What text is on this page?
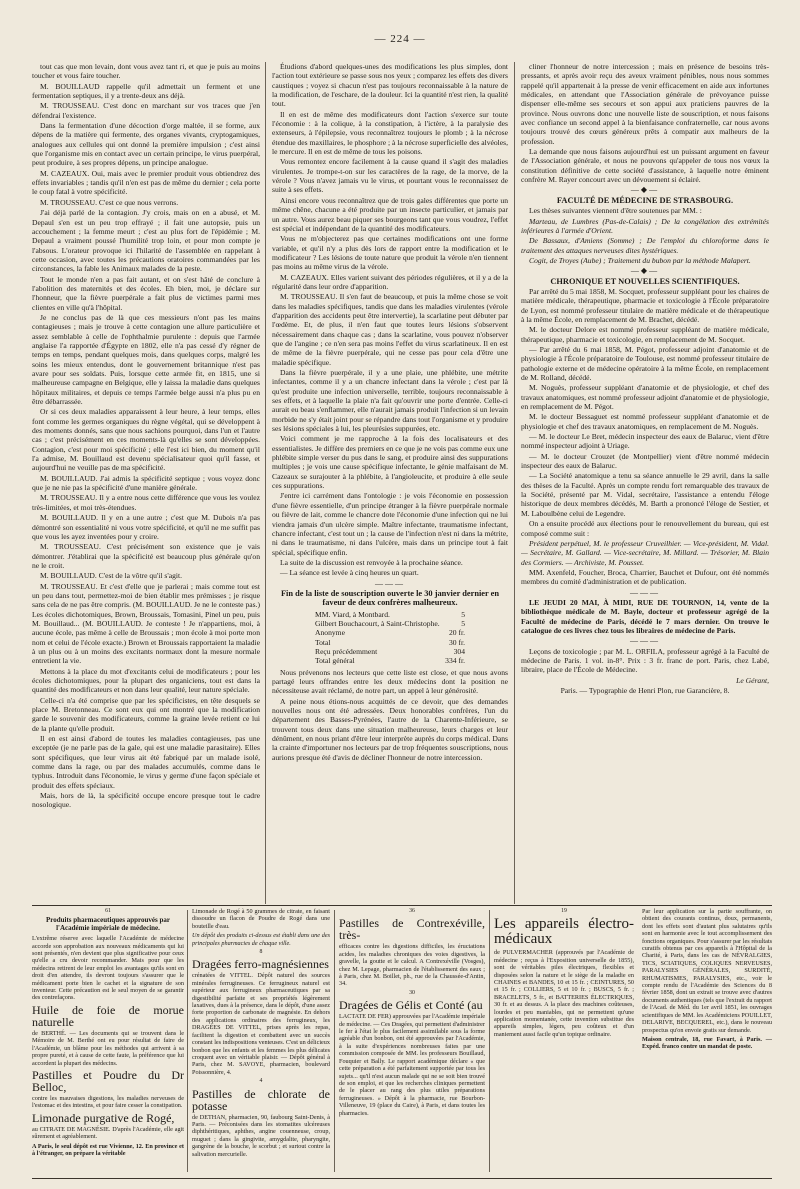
— 224 —

tout cas que mon levain, dont vous avez tant ri, et que je puis au moins toucher et vous faire toucher.

M. BOUILLAUD rappelle qu'il admettait un ferment et une fermentation septiques, il y a trente-deux ans déjà.

M. TROUSSEAU. C'est donc en marchant sur vos traces que j'en défendrai l'existence.

Dans la fermentation d'une décoction d'orge maltée, il se forme, aux dépens de la matière qui fermente, des organes vivants, cryptogamiques, analogues aux cellules qui ont donné la première impulsion ; c'est ainsi que l'organisme mis en contact avec un certain principe, le virus puerpéral, peut produire, à ses propres dépens, un principe analogue.

M. CAZEAUX. Oui, mais avec le premier produit vous obtiendrez des effets invariables ; tandis qu'il n'en est pas de même du dernier ; cela porte le coup fatal à votre spécificité.

M. TROUSSEAU. C'est ce que nous verrons.

J'ai déjà parlé de la contagion. J'y crois, mais on en a abusé, et M. Depaul s'en est un peu trop effrayé ; il fait une autopsie, puis un accouchement ; la femme meurt ; c'est au plus fort de l'épidémie ; M. Depaul a vraiment poussé l'humilité trop loin, et pour mon compte je l'absous. L'orateur provoque ici l'hilarité de l'assemblée en rappelant à cette occasion, avec toutes les précautions oratoires commandées par les circonstances, la fable les Animaux malades de la peste.

Tout le monde n'en a pas fait autant, et on s'est hâté de conclure à l'abolition des maternités et des écoles. Eh bien, moi, je déclare sur l'honneur, que la fièvre puerpérale a fait plus de victimes parmi mes clientes en ville qu'à l'hôpital.

Je ne conclus pas de là que ces messieurs n'ont pas les mains contagieuses ; mais je trouve à cette contagion une allure particulière et assez semblable à celle de l'ophthalmie purulente : depuis que l'armée anglaise l'a rapportée d'Égypte en 1802, elle n'a pas cessé d'y régner de temps en temps, pendant quelques mois, dans quelques corps, malgré les soins les mieux entendus, dont le gouvernement britannique n'est pas avare pour ses soldats. Puis, lorsque cette armée fit, en 1815, une si malheureuse campagne en Belgique, elle y laissa la maladie dans quelques hôpitaux militaires, et depuis ce temps l'armée belge aussi n'a plus pu en être débarrassée.

Or si ces deux maladies apparaissent à leur heure, à leur temps, elles font comme les germes organiques du règne végétal, qui se développent à des moments donnés, sans que nous sachions pourquoi, dans l'un et l'autre cas ; c'est précisément en ces moments-là qu'elles se sont développées. Contagion, c'est pour moi spécificité ; elle l'est ici bien, du moment qu'il l'a admise, M. Bouillaud est devenu spécialisateur quoi qu'il fasse, et aujourd'hui ne veuille pas de ma spécificité.

M. BOUILLAUD. J'ai admis la spécificité septique ; vous voyez donc que je ne nie pas la spécificité d'une manière générale.

M. TROUSSEAU. Il y a entre nous cette différence que vous les voulez très-limitées, et moi très-étendues.

M. BOUILLAUD. Il y en a une autre ; c'est que M. Dubois n'a pas démontré son essentialité ni vous votre spécificité, et qu'il ne me suffit pas que vous les ayez inventées pour y croire.

M. TROUSSEAU. C'est précisément son existence que je vais démontrer. J'établirai que la spécificité est beaucoup plus générale qu'on ne le croit.

M. BOUILLAUD. C'est de la vôtre qu'il s'agit.

M. TROUSSEAU. Et c'est d'elle que je parlerai ; mais comme tout est un peu dans tout, permettez-moi de bien établir mes prémisses ; je risque sans cela de ne pas être compris. (M. BOUILLAUD. Je ne le conteste pas.) Les écoles dichotomiques, Brown, Broussais, Tomasini, Pinel un peu, puis M. Bouillaud... (M. BOUILLAUD. Je conteste ! Je n'appartiens, moi, à aucune école, pas même à celle de Broussais ; mon école à moi porte mon nom et celui de l'école exacte.) Brown et Broussais rapportaient la maladie à un plus ou à un moins des excitants normaux dont la mesure normale entretient la vie.

Mettons à la place du mot d'excitants celui de modificateurs ; pour les écoles dichotomiques, pour la plupart des organiciens, tout est dans la quantité des modificateurs et non dans leur qualité, leur nature spéciale.

Celle-ci n'a été comprise que par les spécificistes, en tête desquels se place M. Bretonneau. Ce sont eux qui ont montré que la modification garde le souvenir des modificateurs, comme la graine levée retient ce lui de la plante qu'elle produit.

Il en est ainsi d'abord de toutes les maladies contagieuses, pas une exceptée (je ne parle pas de la gale, qui est une maladie parasitaire). Elles sont spécifiques, que leur virus ait été fabriqué par un malade isolé, comme dans la rage, ou par des malades accumulés, comme dans le typhus. Introduit dans l'économie, le virus y germe d'une façon spéciale et produit des effets spéciaux.

Mais, hors de là, la spécificité occupe encore presque tout le cadre nosologique.

Étudions d'abord quelques-unes des modifications les plus simples, dont l'action tout extérieure se passe sous nos yeux ; comparez les effets des divers caustiques ; voyez si chacun n'est pas toujours reconnaissable à la nature de la modification, de l'eschare, de la douleur. Ici la quantité n'est rien, la qualité tout.

Il en est de même des modificateurs dont l'action s'exerce sur toute l'économie : à la colique, à la constipation, à l'ictère, à la paralysie des extenseurs, à l'épilepsie, vous reconnaîtrez toujours le plomb ; à la nécrose étendue des maxillaires, le phosphore ; à la nécrose superficielle des alvéoles, le mercure. Il en est de même de tous les poisons.

Vous remontez encore facilement à la cause quand il s'agit des maladies virulentes. Je trompe-t-on sur les caractères de la rage, de la morve, de la vérole ? Vous n'avez jamais vu le virus, et pourtant vous le reconnaissez de suite à ses effets.

Ainsi encore vous reconnaîtrez que de trois gales différentes que porte un même chêne, chacune a été produite par un insecte particulier, et jamais par un autre. Vous aurez beau piquer ses bourgeons tant que vous voudrez, l'effet est spécial et indépendant de la quantité des modificateurs.

Vous ne m'objecterez pas que certaines modifications ont une forme variable, et qu'il n'y a plus dès lors de rapport entre la modification et le modificateur ? Les lésions de toute nature que produit la vérole n'en tiennent pas moins au même virus de la vérole.

M. CAZEAUX. Elles varient suivant des périodes régulières, et il y a de la régularité dans leur ordre d'apparition.

M. TROUSSEAU. Il s'en faut de beaucoup, et puis la même chose se voit dans les maladies spécifiques, tandis que dans les maladies virulentes (vérole d'apparition des accidents peut être intervertie), la scarlatine peut débuter par l'œdème. Et, de plus, il n'en faut que toutes leurs lésions s'observent nécessairement dans chaque cas ; dans la scarlatine, vous pouvez n'observer que de l'angine ; ce n'en sera pas moins l'effet du virus scarlatineux. Il en est de même de la fièvre puerpérale, qui ne cesse pas pour cela d'être une maladie spécifique.

Dans la fièvre puerpérale, il y a une plaie, une phlébite, une métrite infectantes, comme il y a un chancre infectant dans la vérole ; c'est par là qu'est produite une infection universelle, terrible, toujours reconnaissable à ses effets, et à laquelle la plaie n'a fait qu'ouvrir une porte d'entrée. Celle-ci aurait eu beau s'enflammer, elle n'aurait jamais produit l'infection si un levain morbide ne s'y était joint pour se répandre dans tout l'organisme et y produire ses lésions spéciales à lui, les pleurésies suppurées, etc.

Voici comment je me rapproche à la fois des localisateurs et des essentialistes. Je diffère des premiers en ce que je ne vois pas comme eux une phlébite simple verser du pus dans le sang, et produire ainsi des suppurations multiples ; je vois une cause spécifique infectante, le génie malfaisant de M. Cazeaux se surajouter à la phlébite, à l'angioleucite, et produire à elle seule ces suppurations.

J'entre ici carrément dans l'ontologie : je vois l'économie en possession d'une fièvre essentielle, d'un principe étranger à la fièvre puerpérale normale ou fièvre de lait, comme le chancre dote l'économie d'une infection qui ne lui viendra jamais d'un ulcère simple. Maître infectante, traumatisme infectant, chancre infectant, c'est tout un ; la cause de l'infection n'est ni dans la métrite, ni dans le traumatisme, ni dans l'ulcère, mais dans un principe tout à fait spécial, spécifique enfin.

La suite de la discussion est renvoyée à la prochaine séance.

— La séance est levée à cinq heures un quart.

———

Fin de la liste de souscription ouverte le 30 janvier dernier en faveur de deux confrères malheureux.

MM. Viard, à Montbard.	5
Gilbert Bouchacourt, à Saint-Christophe.	5
Anonyme	20 fr.
Total	30 fr.
Reçu précédemment	304
Total général	334 fr.

Nous prévenons nos lecteurs que cette liste est close, et que nous avons partagé leurs offrandes entre les deux médecins dont la position ne nécessiteuse avait réclamé, de notre part, un appel à leur générosité.

A peine nous étions-nous acquittés de ce devoir, que des demandes nouvelles nous ont été adressées. Deux honorables confrères, l'un du département des Basses-Pyrénées, l'autre de la Charente-Inférieure, se trouvent tous deux dans une situation malheureuse, leurs charges et leur dénûment, en nous priant d'être leur interprète auprès du corps médical. Dans la crainte d'importuner nos lecteurs par de trop fréquentes souscriptions, nous aurions presque été d'avis de décliner l'honneur de notre intercession.

cliner l'honneur de notre intercession ; mais en présence de besoins très-pressants, et après avoir reçu des aveux vraiment pénibles, nous nous sommes rappelé qu'il appartenait à la presse de venir efficacement en aide aux infortunes médicales, en attendant que l'Association générale de prévoyance puisse dispenser elle-même ses secours et son appui aux praticiens pauvres de la province. Nous ouvrons donc une nouvelle liste de souscription, et nous faisons avec confiance un second appel à la bienfaisance confraternelle, car nous avons toujours trouvé des cœurs généreux prêts à compatir aux malheurs de la profession.

La demande que nous faisons aujourd'hui est un puissant argument en faveur de l'Association générale, et nous ne pouvons qu'appeler de tous nos vœux la constitution définitive de cette société d'assistance, à laquelle notre éminent confrère M. Rayer concourt avec un dévouement si éclairé.

—◆—

FACULTÉ DE MÉDECINE DE STRASBOURG.

Les thèses suivantes viennent d'être soutenues par MM. :

Marteau, de Lumbres (Pas-de-Calais) ; De la congélation des extrémités inférieures à l'armée d'Orient.

De Bassaux, d'Amiens (Somme) ; De l'emploi du chloroforme dans le traitement des attaques nerveuses dites hystériques.

Cogit, de Troyes (Aube) ; Traitement du bubon par la méthode Malapert.

—◆—

CHRONIQUE ET NOUVELLES SCIENTIFIQUES.

Par arrêté du 5 mai 1858, M. Socquet, professeur suppléant pour les chaires de matière médicale, thérapeutique, pharmacie et toxicologie à l'École préparatoire de Lyon, est nommé professeur titulaire de matière médicale et de thérapeutique à la même École, en remplacement de M. Brachet, décédé.

M. le docteur Delore est nommé professeur suppléant de matière médicale, thérapeutique, pharmacie et toxicologie, en remplacement de M. Socquet.

— Par arrêté du 6 mai 1858, M. Pégot, professeur adjoint d'anatomie et de physiologie à l'École préparatoire de Toulouse, est nommé professeur titulaire de pathologie externe et de médecine opératoire à la même École, en remplacement de M. Rolland, décédé.

M. Noguès, professeur suppléant d'anatomie et de physiologie, et chef des travaux anatomiques, est nommé professeur adjoint d'anatomie et de physiologie, en remplacement de M. Pégot.

M. le docteur Bessaguet est nommé professeur suppléant d'anatomie et de physiologie et chef des travaux anatomiques, en remplacement de M. Noguès.

— M. le docteur Le Bret, médecin inspecteur des eaux de Balaruc, vient d'être nommé inspecteur adjoint à Uriage.

— M. le docteur Crouzet (de Montpellier) vient d'être nommé médecin inspecteur des eaux de Balaruc.

— La Société anatomique a tenu sa séance annuelle le 29 avril, dans la salle des thèses de la Faculté. Après un compte rendu fort remarquable des travaux de la Société, présenté par M. Vidal, secrétaire, l'assistance a entendu l'éloge historique de deux membres décédés, M. Barth a prononcé l'éloge de Sestier, et M. Laboulbène celui de Legendre.

On a ensuite procédé aux élections pour le renouvellement du bureau, qui est composé comme suit :

Président perpétuel, M. le professeur Cruveilhier. — Vice-président, M. Vidal. — Secrétaire, M. Gallard. — Vice-secrétaire, M. Millard. — Trésorier, M. Blain des Cormiers. — Archiviste, M. Pousset.

MM. Axenfeld, Foucher, Broca, Charrier, Bauchet et Dufour, ont été nommés membres du comité d'administration et de publication.

———

LE JEUDI 20 MAI, À MIDI, RUE DE TOURNON, 14, vente de la bibliothèque médicale de M. Bayle, docteur et professeur agrégé de la Faculté de médecine de Paris, décédé le 7 mars dernier. On trouve le catalogue de ces livres chez tous les libraires de médecine de Paris.

———

Leçons de toxicologie ; par M. L. ORFILA, professeur agrégé à la Faculté de médecine de Paris. 1 vol. in-8°. Prix : 3 fr. franc de port. Paris, chez Labé, libraire, place de l'École de Médecine.

Le Gérant,

Paris. — Typographie de Henri Plon, rue Garancière, 8.

61
Produits pharmaceutiques approuvés par l'Académie impériale de médecine.

L'extrême réserve avec laquelle l'Académie de médecine accorde son approbation aux nouveaux médicaments qui lui sont présentés, n'en devient que plus significative pour ceux qu'elle a cru devoir recommander. Mais pour que les médecins retirent de leur emploi les avantages qu'ils sont en droit d'en attendre, ils devront toujours s'assurer que le médicament porte bien le cachet et la signature de son inventeur. Cette précaution est le seul moyen de se garantir des contrefaçons.

Huile de foie de morue naturelle

de BERTHÉ. — Les documents qui se trouvent dans le Mémoire de M. Berthé ont eu pour résultat de faire de l'Académie, un blâme pour les méthodes qui arrivent à sa propre pureté, et à cause de cette faute, la préférence que lui accordent la plupart des médecins.

Pastilles et Poudre du Dr Belloc,

contre les mauvaises digestions, les maladies nerveuses de l'estomac et des intestins, et pour faire cesser la constipation.

Limonade purgative de Rogé,

au CITRATE DE MAGNÉSIE. D'après l'Académie, elle agit sûrement et agréablement.

A Paris, le seul dépôt est rue Vivienne, 12. En province et à l'étranger, on prépare la véritable

Limonade de Rogé à 50 grammes de citrate, en faisant dissoudre un flacon de Poudre de Rogé dans une bouteille d'eau.

Un dépôt des produits ci-dessus est établi dans une des principales pharmacies de chaque ville.

8
Dragées ferro-magnésiennes

crénatées de VITTEL. Dépôt naturel des sources minérales ferrugineuses. Ce ferrugineux naturel est supérieur aux ferrugineux pharmaceutiques par sa digestibilité parfaite et ses propriétés légèrement laxatives, dues à la présence, dans le dépôt, d'une assez forte proportion de carbonate de magnésie. En dehors des applications ordinaires des ferrugineux, les DRAGÉES DE VITTEL, prises après les repas, facilitent la digestion et combattent avec un succès constant les indispositions venteuses. C'est un délicieux bonbon que les enfants et les femmes les plus délicates croquent avec un véritable plaisir. — Dépôt général à Paris, chez M. SAVOYE, pharmacien, boulevard Poissonnière, 4.

4
Pastilles de chlorate de potasse

de DETHAN, pharmacien, 90, faubourg Saint-Denis, à Paris. — Préconisées dans les stomatites ulcéreuses diphthéritiques, aphthes, angine couenneuse, croup, muguet ; dans la gingivite, amygdalite, pharyngite, gangrène de la bouche, le scorbut ; et surtout contre la salivation mercurielle.

36
Pastilles de Contrexéville, très-

efficaces contre les digestions difficiles, les éructations acides, les maladies chroniques des voies digestives, la gravelle, la goutte et le calcul. A Contrexéville (Vosges), chez M. Lepage, pharmacien de l'établissement des eaux ; à Paris, chez M. Boillet, ph., rue de la Chaussée-d'Antin, 34.

30
Dragées de Gélis et Conté (au

LACTATE DE FER) approuvées par l'Académie impériale de médecine. — Ces Dragées, qui permettent d'administrer le fer à l'état le plus facilement assimilable sous la forme agréable d'un bonbon, ont été approuvées par l'Académie, à la suite d'expériences nombreuses faites par une commission composée de MM. les professeurs Bouillaud, Fouquier et Bally. Le rapport académique déclare « que cette préparation a été parfaitement supportée par tous les sujets... qu'il n'est aucun malade qui ne se soit bien trouvé de son emploi, et que les recherches cliniques permettent de le placer au rang des plus utiles préparations ferrugineuses. » Dépôt à la pharmacie, rue Bourbon-Villeneuve, 19 (place du Caire), à Paris, et dans toutes les pharmacies.

19
Les appareils électro-médicaux

de PULVERMACHER (approuvés par l'Académie de médecine ; reçus à l'Exposition universelle de 1855), sont de véritables piles électriques, flexibles et disposées selon la nature et le siège de la maladie en CHAINES et BANDES, 10 et 15 fr. ; CEINTURES, 50 et 15 fr. ; COLLIERS, 5 et 10 fr. ; BUSCS, 5 fr. ; BRACELETS, 5 fr., et BATTERIES ÉLECTRIQUES, 30 fr. et au dessus. A la place des machines coûteuses, lourdes et peu maniables, qui ne permettent qu'une application momentanée, cette invention substitue des appareils simples, légers, peu coûteux et d'un maniement aussi facile qu'un topique ordinaire.

Par leur application sur la partie souffrante, on obtient des courants continus, doux, permanents, dont les effets sont d'autant plus salutaires qu'ils sont en harmonie avec le tout accomplissement des fonctions organiques. Pour s'assurer par les résultats curatifs obtenus par ces appareils à l'Hôpital de la Charité, à Paris, dans les cas de NÉVRALGIES, TICS, SCIATIQUES, COLIQUES NERVEUSES, PARALYSIES GÉNÉRALES, SURDITÉ, RHUMATISMES, PARALYSIES, etc., voir le compte rendu de l'Académie des Sciences du 8 février 1858, dont un extrait se trouve avec d'autres documents authentiques (tels que l'extrait du rapport de l'Acad. de Méd. du 1er avril 1851, les ouvrages scientifiques de MM. les Académiciens POUILLET, DELARIVE, BECQUEREL, etc.), dans le nouveau prospectus qu'on envoie gratis sur demande.

Maison centrale, 18, rue Favart, à Paris. — Expéd. franco contre un mandat de poste.
